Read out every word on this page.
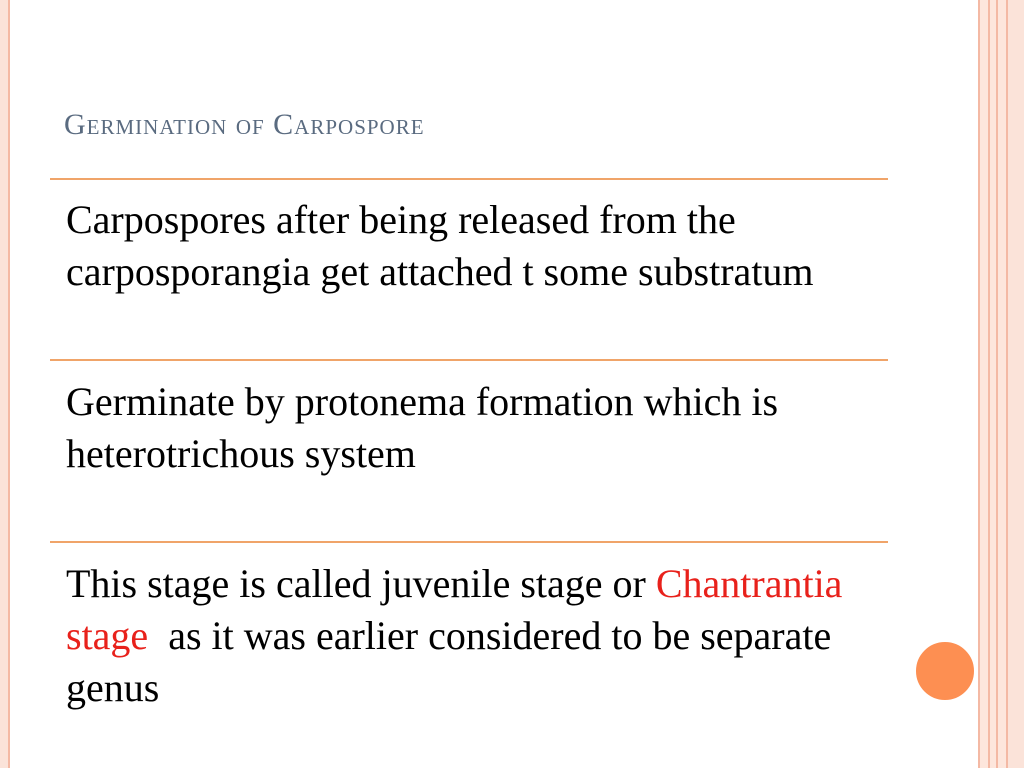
Germination of Carpospore

Carpospores after being released from the carposporangia get attached t some substratum

Germinate by protonema formation which is heterotrichous system

This stage is called juvenile stage or Chantrantia stage  as it was earlier considered to be separate genus
